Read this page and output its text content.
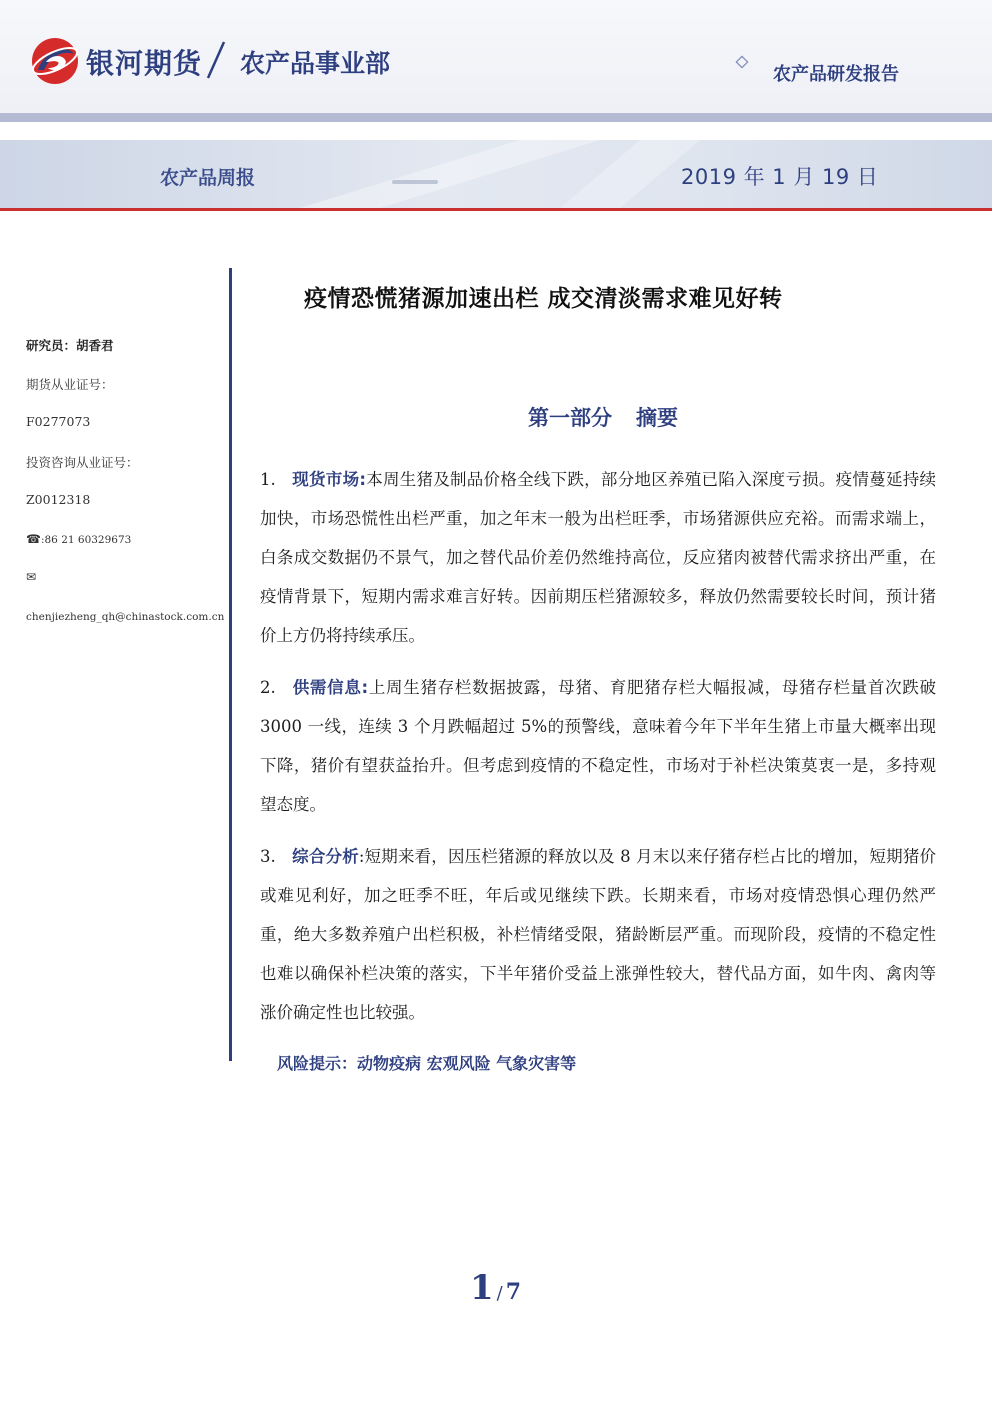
银河期货 农产品事业部	农产品研发报告
农产品周报	2019 年 1 月 19 日
研究员：胡香君
期货从业证号：
F0277073
投资咨询从业证号：
Z0012318
☎:86 21 60329673
✉
chenjiezheng_qh@chinastock.com.cn
疫情恐慌猪源加速出栏 成交清淡需求难见好转
第一部分 摘要
1. 现货市场:本周生猪及制品价格全线下跌，部分地区养殖已陷入深度亏损。疫情蔓延持续加快，市场恐慌性出栏严重，加之年末一般为出栏旺季，市场猪源供应充裕。而需求端上，白条成交数据仍不景气，加之替代品价差仍然维持高位，反应猪肉被替代需求挤出严重，在疫情背景下，短期内需求难言好转。因前期压栏猪源较多，释放仍然需要较长时间，预计猪价上方仍将持续承压。
2. 供需信息:上周生猪存栏数据披露，母猪、育肥猪存栏大幅报减，母猪存栏量首次跌破 3000 一线，连续 3 个月跌幅超过 5%的预警线，意味着今年下半年生猪上市量大概率出现下降，猪价有望获益抬升。但考虑到疫情的不稳定性，市场对于补栏决策莫衷一是，多持观望态度。
3. 综合分析:短期来看，因压栏猪源的释放以及 8 月末以来仔猪存栏占比的增加，短期猪价或难见利好，加之旺季不旺，年后或见继续下跌。长期来看，市场对疫情恐惧心理仍然严重，绝大多数养殖户出栏积极，补栏情绪受限，猪龄断层严重。而现阶段，疫情的不稳定性也难以确保补栏决策的落实，下半年猪价受益上涨弹性较大，替代品方面，如牛肉、禽肉等涨价确定性也比较强。
风险提示：动物疫病 宏观风险 气象灾害等
1 / 7
